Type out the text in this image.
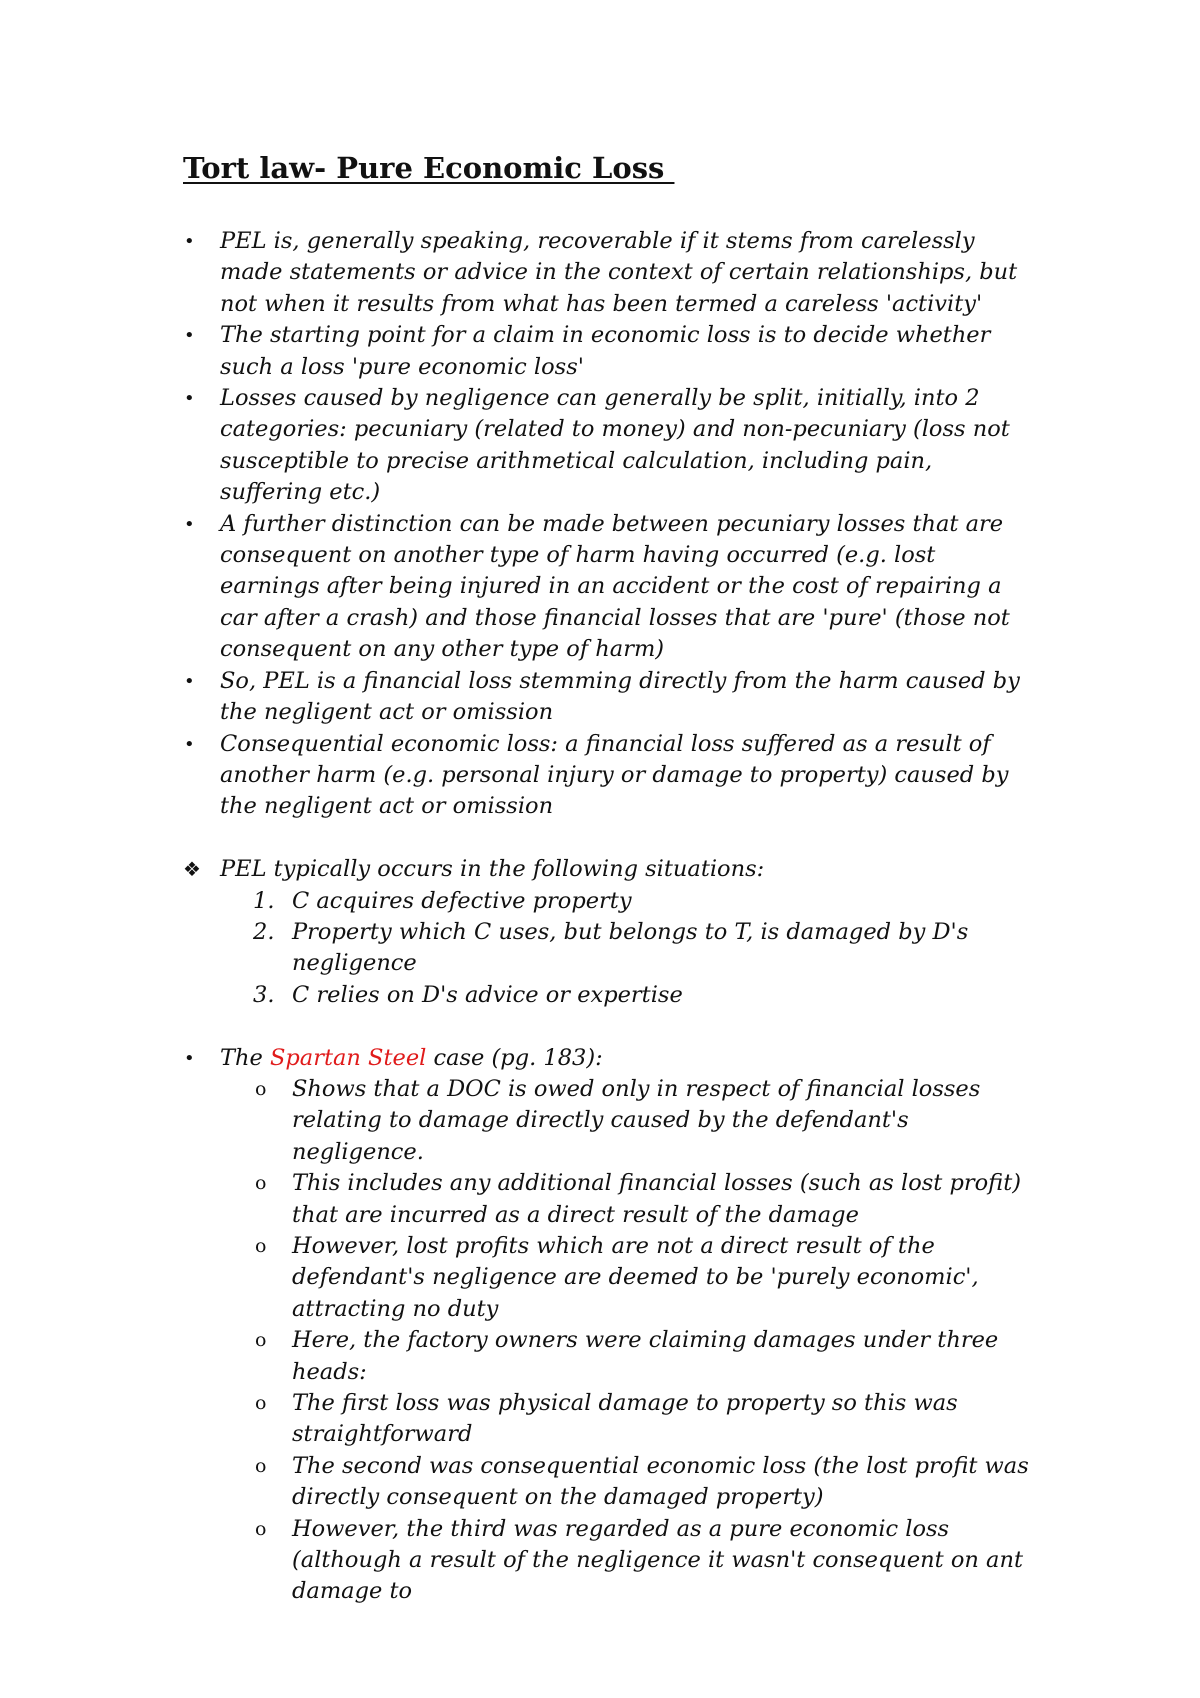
Tort law- Pure Economic Loss
• PEL is, generally speaking, recoverable if it stems from carelessly made statements or advice in the context of certain relationships, but not when it results from what has been termed a careless 'activity'
• The starting point for a claim in economic loss is to decide whether such a loss 'pure economic loss'
• Losses caused by negligence can generally be split, initially, into 2 categories: pecuniary (related to money) and non-pecuniary (loss not susceptible to precise arithmetical calculation, including pain, suffering etc.)
• A further distinction can be made between pecuniary losses that are consequent on another type of harm having occurred (e.g. lost earnings after being injured in an accident or the cost of repairing a car after a crash) and those financial losses that are 'pure' (those not consequent on any other type of harm)
• So, PEL is a financial loss stemming directly from the harm caused by the negligent act or omission
• Consequential economic loss: a financial loss suffered as a result of another harm (e.g. personal injury or damage to property) caused by the negligent act or omission
❖ PEL typically occurs in the following situations:
1. C acquires defective property
2. Property which C uses, but belongs to T, is damaged by D's negligence
3. C relies on D's advice or expertise
• The Spartan Steel case (pg. 183):
o Shows that a DOC is owed only in respect of financial losses relating to damage directly caused by the defendant's negligence.
o This includes any additional financial losses (such as lost profit) that are incurred as a direct result of the damage
o However, lost profits which are not a direct result of the defendant's negligence are deemed to be 'purely economic', attracting no duty
o Here, the factory owners were claiming damages under three heads:
o The first loss was physical damage to property so this was straightforward
o The second was consequential economic loss (the lost profit was directly consequent on the damaged property)
o However, the third was regarded as a pure economic loss (although a result of the negligence it wasn't consequent on ant damage to
